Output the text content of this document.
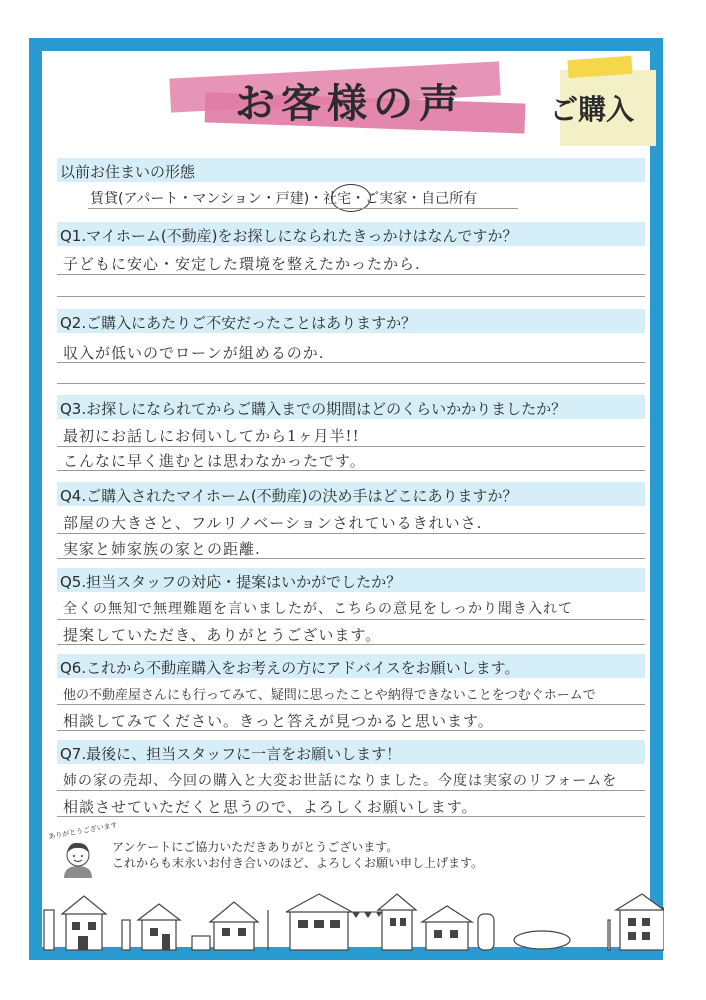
お客様の声	ご購入
以前お住まいの形態
賃貸(アパート・マンション・戸建)・社宅・ご実家・自己所有
Q1.マイホーム(不動産)をお探しになられたきっかけはなんですか？
子どもに安心・安定した環境を整えたかったから.
Q2.ご購入にあたりご不安だったことはありますか？
収入が低いのでローンが組めるのか.
Q3.お探しになられてからご購入までの期間はどのくらいかかりましたか？
最初にお話しにお伺いしてから1ヶ月半!!
こんなに早く進むとは思わなかったです。
Q4.ご購入されたマイホーム(不動産)の決め手はどこにありますか？
部屋の大きさと、フルリノベーションされているきれいさ.
実家と姉家族の家との距離.
Q5.担当スタッフの対応・提案はいかがでしたか？
全くの無知で無理難題を言いましたが、こちらの意見をしっかり聞き入れて
提案していただき、ありがとうございます。
Q6.これから不動産購入をお考えの方にアドバイスをお願いします。
他の不動産屋さんにも行ってみて、疑問に思ったことや納得できないことをつむぐホームで
相談してみてください。きっと答えが見つかると思います。
Q7.最後に、担当スタッフに一言をお願いします！
姉の家の売却、今回の購入と大変お世話になりました。今度は実家のリフォームを
相談させていただくと思うので、よろしくお願いします。
ありがとうございます
アンケートにご協力いただきありがとうございます。
これからも末永いお付き合いのほど、よろしくお願い申し上げます。
